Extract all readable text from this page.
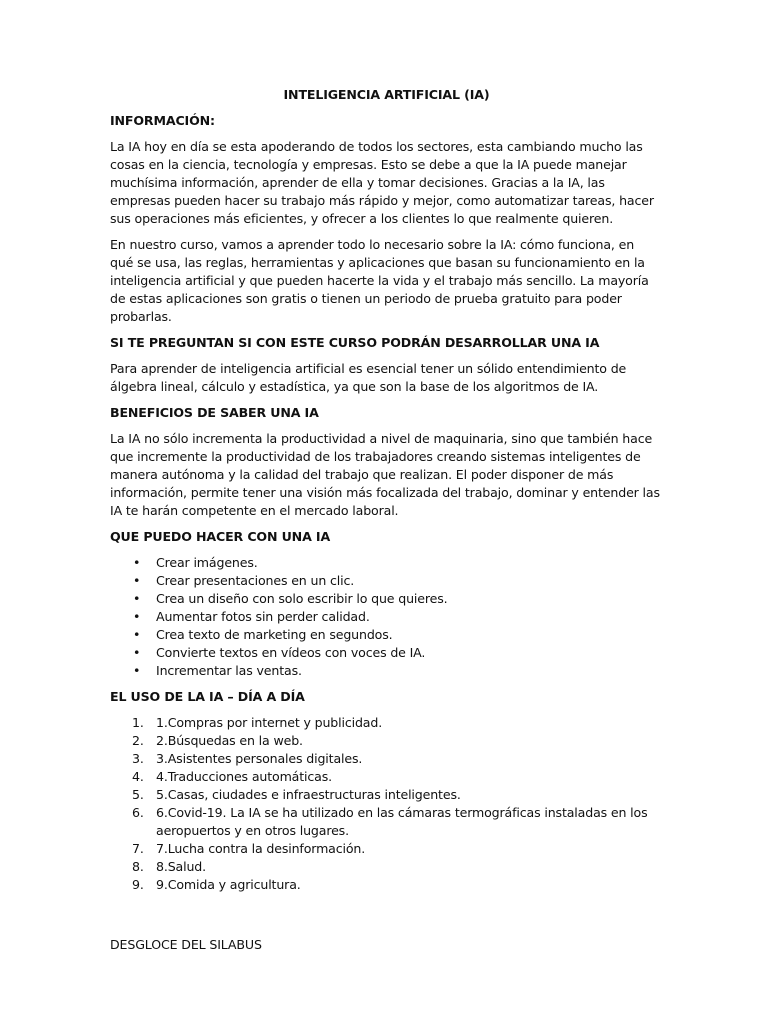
INTELIGENCIA ARTIFICIAL (IA)
INFORMACIÓN:

La IA hoy en día se esta apoderando de todos los sectores, esta cambiando mucho las cosas en la ciencia, tecnología y empresas. Esto se debe a que la IA puede manejar muchísima información, aprender de ella y tomar decisiones. Gracias a la IA, las empresas pueden hacer su trabajo más rápido y mejor, como automatizar tareas, hacer sus operaciones más eficientes, y ofrecer a los clientes lo que realmente quieren.

En nuestro curso, vamos a aprender todo lo necesario sobre la IA: cómo funciona, en qué se usa, las reglas, herramientas y aplicaciones que basan su funcionamiento en la inteligencia artificial y que pueden hacerte la vida y el trabajo más sencillo. La mayoría de estas aplicaciones son gratis o tienen un periodo de prueba gratuito para poder probarlas.

SI TE PREGUNTAN SI CON ESTE CURSO PODRÁN DESARROLLAR UNA IA

Para aprender de inteligencia artificial es esencial tener un sólido entendimiento de álgebra lineal, cálculo y estadística, ya que son la base de los algoritmos de IA.

BENEFICIOS DE SABER UNA IA

La IA no sólo incrementa la productividad a nivel de maquinaria, sino que también hace que incremente la productividad de los trabajadores creando sistemas inteligentes de manera autónoma y la calidad del trabajo que realizan. El poder disponer de más información, permite tener una visión más focalizada del trabajo, dominar y entender las IA te harán competente en el mercado laboral.

QUE PUEDO HACER CON UNA IA
• Crear imágenes.
• Crear presentaciones en un clic.
• Crea un diseño con solo escribir lo que quieres.
• Aumentar fotos sin perder calidad.
• Crea texto de marketing en segundos.
• Convierte textos en vídeos con voces de IA.
• Incrementar las ventas.
EL USO DE LA IA – DÍA A DÍA
1. 1.Compras por internet y publicidad.
2. 2.Búsquedas en la web.
3. 3.Asistentes personales digitales.
4. 4.Traducciones automáticas.
5. 5.Casas, ciudades e infraestructuras inteligentes.
6. 6.Covid-19. La IA se ha utilizado en las cámaras termográficas instaladas en los aeropuertos y en otros lugares.
7. 7.Lucha contra la desinformación.
8. 8.Salud.
9. 9.Comida y agricultura.
DESGLOCE DEL SILABUS
